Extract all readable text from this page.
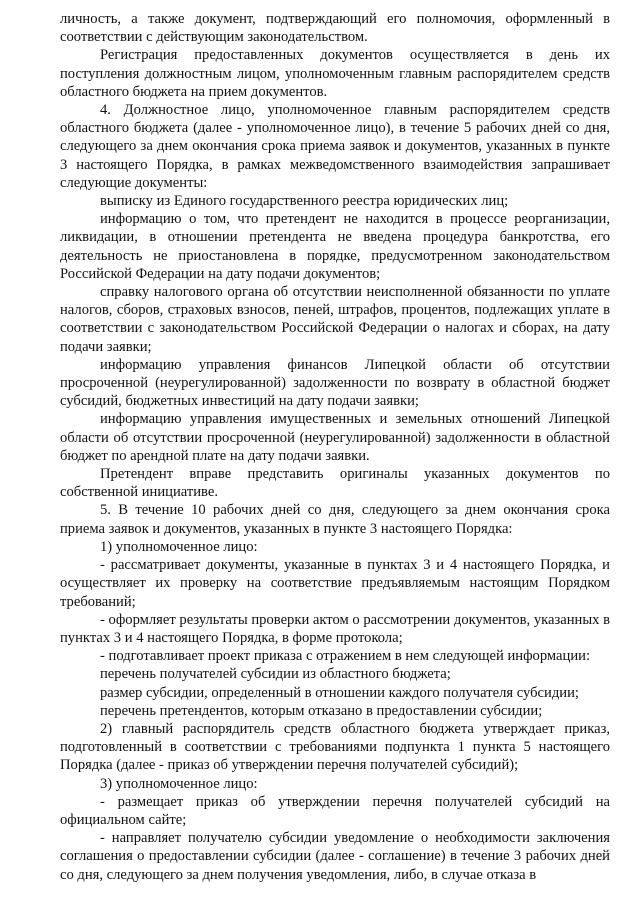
личность, а также документ, подтверждающий его полномочия, оформленный в соответствии с действующим законодательством.

Регистрация предоставленных документов осуществляется в день их поступления должностным лицом, уполномоченным главным распорядителем средств областного бюджета на прием документов.

4. Должностное лицо, уполномоченное главным распорядителем средств областного бюджета (далее - уполномоченное лицо), в течение 5 рабочих дней со дня, следующего за днем окончания срока приема заявок и документов, указанных в пункте 3 настоящего Порядка, в рамках межведомственного взаимодействия запрашивает следующие документы:

выписку из Единого государственного реестра юридических лиц;

информацию о том, что претендент не находится в процессе реорганизации, ликвидации, в отношении претендента не введена процедура банкротства, его деятельность не приостановлена в порядке, предусмотренном законодательством Российской Федерации на дату подачи документов;

справку налогового органа об отсутствии неисполненной обязанности по уплате налогов, сборов, страховых взносов, пеней, штрафов, процентов, подлежащих уплате в соответствии с законодательством Российской Федерации о налогах и сборах, на дату подачи заявки;

информацию управления финансов Липецкой области об отсутствии просроченной (неурегулированной) задолженности по возврату в областной бюджет субсидий, бюджетных инвестиций на дату подачи заявки;

информацию управления имущественных и земельных отношений Липецкой области об отсутствии просроченной (неурегулированной) задолженности в областной бюджет по арендной плате на дату подачи заявки.

Претендент вправе представить оригиналы указанных документов по собственной инициативе.

5. В течение 10 рабочих дней со дня, следующего за днем окончания срока приема заявок и документов, указанных в пункте 3 настоящего Порядка:

1) уполномоченное лицо:

- рассматривает документы, указанные в пунктах 3 и 4 настоящего Порядка, и осуществляет их проверку на соответствие предъявляемым настоящим Порядком требований;

- оформляет результаты проверки актом о рассмотрении документов, указанных в пунктах 3 и 4 настоящего Порядка, в форме протокола;

- подготавливает проект приказа с отражением в нем следующей информации:

перечень получателей субсидии из областного бюджета;

размер субсидии, определенный в отношении каждого получателя субсидии;

перечень претендентов, которым отказано в предоставлении субсидии;

2) главный распорядитель средств областного бюджета утверждает приказ, подготовленный в соответствии с требованиями подпункта 1 пункта 5 настоящего Порядка (далее - приказ об утверждении перечня получателей субсидий);

3) уполномоченное лицо:

- размещает приказ об утверждении перечня получателей субсидий на официальном сайте;

- направляет получателю субсидии уведомление о необходимости заключения соглашения о предоставлении субсидии (далее - соглашение) в течение 3 рабочих дней со дня, следующего за днем получения уведомления, либо, в случае отказа в
